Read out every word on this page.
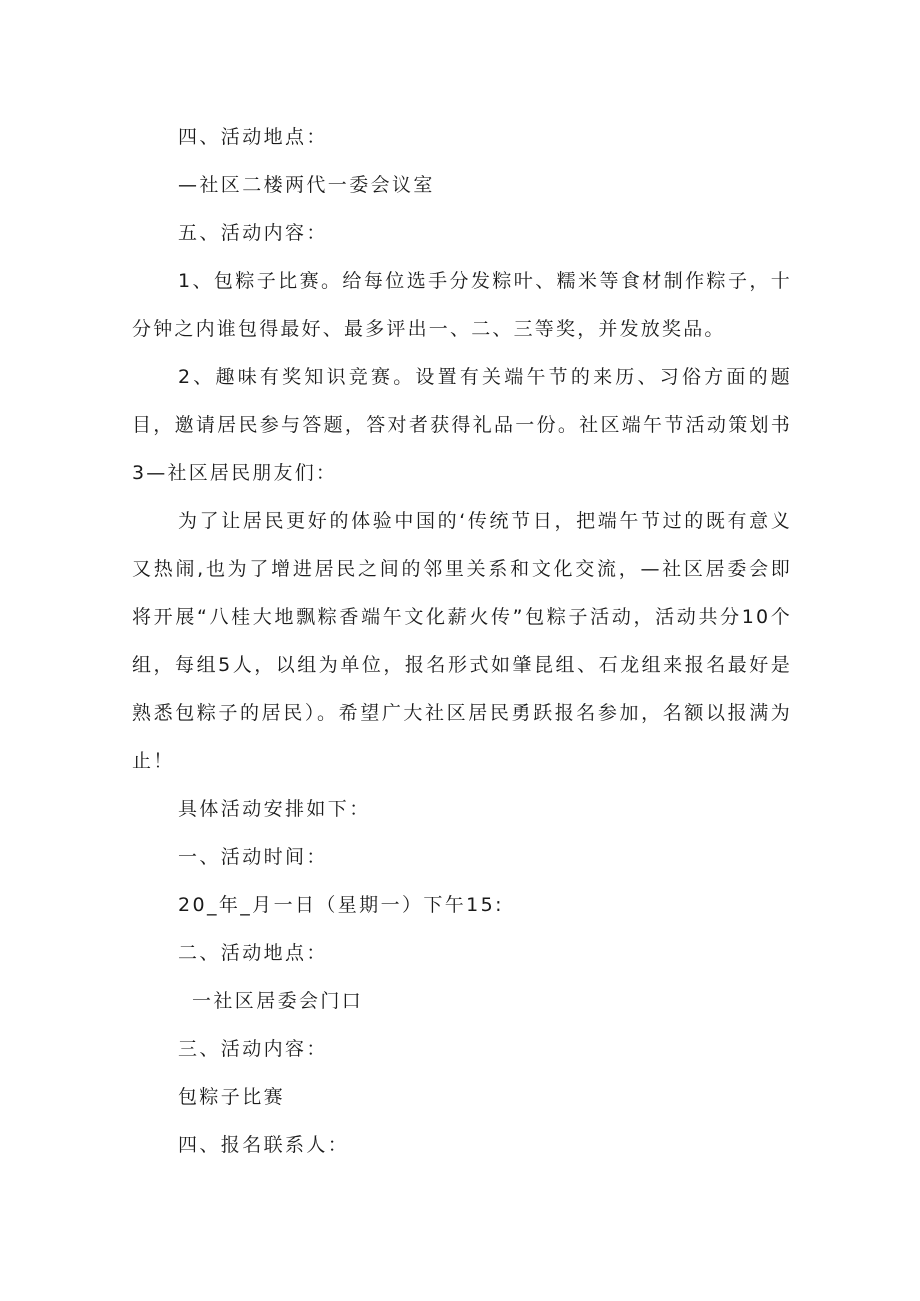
四、活动地点：

—社区二楼两代一委会议室

五、活动内容：

1、包粽子比赛。给每位选手分发粽叶、糯米等食材制作粽子，十分钟之内谁包得最好、最多评出一、二、三等奖，并发放奖品。

2、趣味有奖知识竞赛。设置有关端午节的来历、习俗方面的题目，邀请居民参与答题，答对者获得礼品一份。社区端午节活动策划书3—社区居民朋友们：

为了让居民更好的体验中国的‘传统节日，把端午节过的既有意义又热闹,也为了增进居民之间的邻里关系和文化交流，—社区居委会即将开展“八桂大地飘粽香端午文化薪火传”包粽子活动，活动共分10个组，每组5人，以组为单位，报名形式如肇昆组、石龙组来报名最好是熟悉包粽子的居民）。希望广大社区居民勇跃报名参加，名额以报满为止！

具体活动安排如下：

一、活动时间：

20_年_月一日（星期一）下午15:

二、活动地点：

一社区居委会门口

三、活动内容：

包粽子比赛

四、报名联系人：
